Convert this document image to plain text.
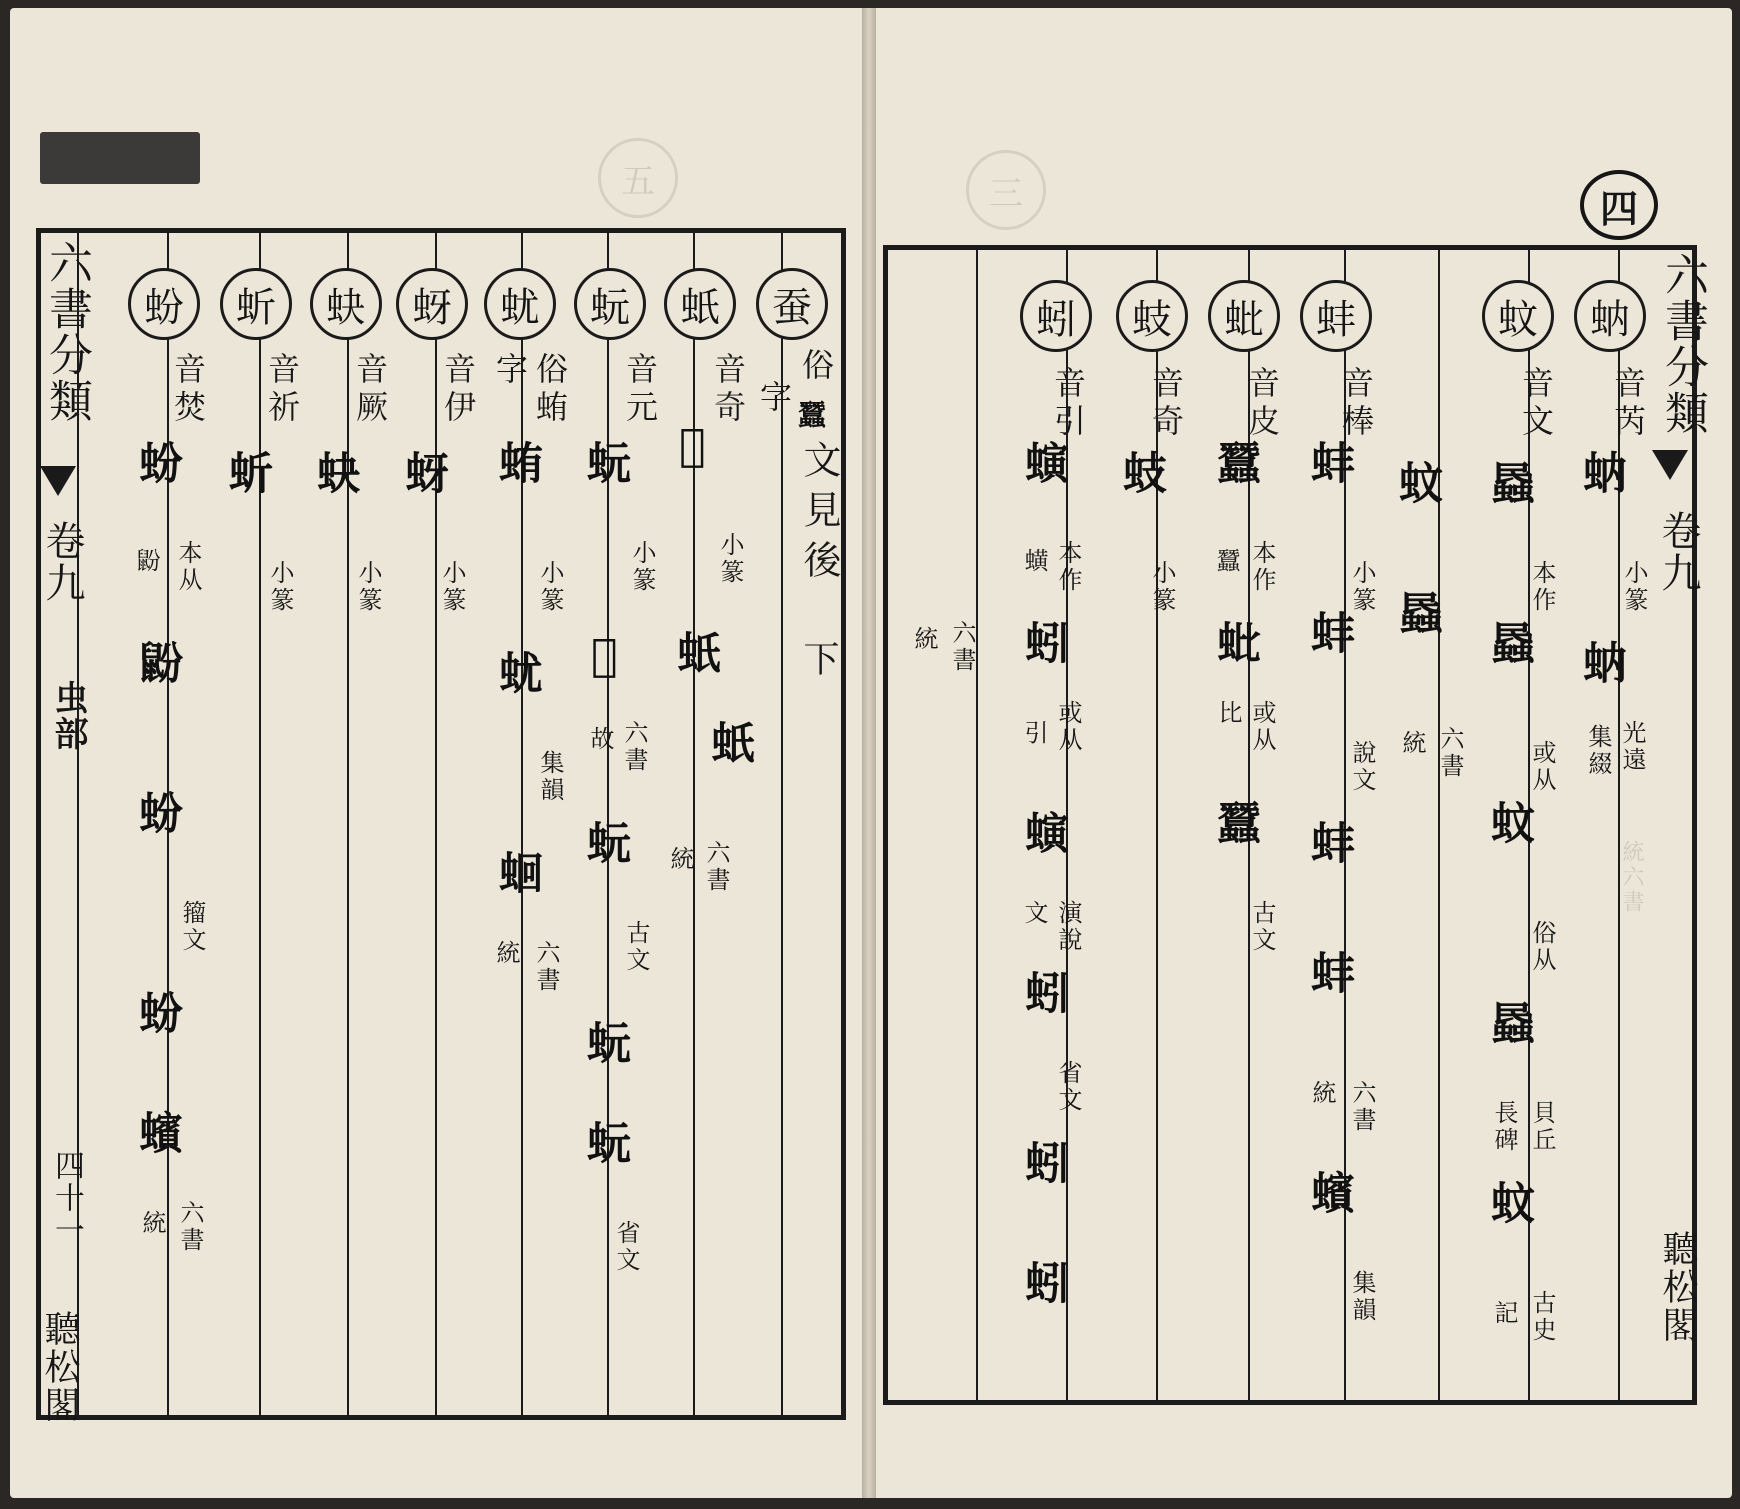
五	三
六書分類
卷九
虫部
四十一
聽松閣
蚕
俗
字 蠶
文見後
下
蚔
音奇
𧉲
小篆
蚔
蚔
六書
統
蚖
音元
蚖
小篆
𧉲
六書
故
蚖
古文
蚖
蚖
省文
蚘
俗蛕
字
蛕
小篆
蚘
集韻
蛔
六書
統
蚜
音伊
蚜
小篆
蚗
音厥
蚗
小篆
蚚
音祈
蚚
小篆
蚡
音焚
蚡
本从
鼢
鼢
蚡
籀文
蚡
蠙
六書
統
四
六書分類
卷九
聽松閣
蚋
音芮
蚋
小篆
蚋
光遠
集綴
統六書
蚊
音文
蟁
本作
蟁
或从
蚊
俗从
蟁
貝丘
長碑
蚊
古史
記
蚊
蟁
六書
統
蚌
音棒
蚌
小篆
蚌
說文
蚌
蚌
六書
統
蠙
集韻
蚍
音皮
蠶
本作
蠶
蚍
或从
比
蠶
古文
蚑
音奇
蚑
小篆
蚓
音引
螾
本作
蟥
蚓
引 或从
螾
演說
文
蚓
省文
蚓
蚓
六書
統
